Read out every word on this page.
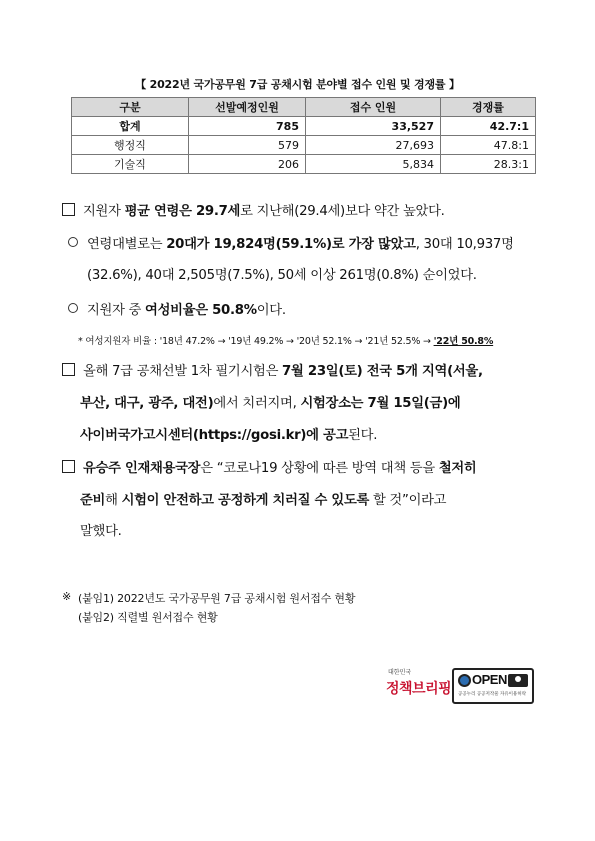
【 2022년 국가공무원 7급 공채시험 분야별 접수 인원 및 경쟁률 】
구분	선발예정인원	접수 인원	경쟁률
합계	785	33,527	42.7:1
행정직	579	27,693	47.8:1
기술직	206	5,834	28.3:1
지원자 평균 연령은 29.7세로 지난해(29.4세)보다 약간 높았다.
연령대별로는 20대가 19,824명(59.1%)로 가장 많았고, 30대 10,937명
(32.6%), 40대 2,505명(7.5%), 50세 이상 261명(0.8%) 순이었다.
지원자 중 여성비율은 50.8%이다.
* 여성지원자 비율 : '18년 47.2% → '19년 49.2% → '20년 52.1% → '21년 52.5% → '22년 50.8%
올해 7급 공채선발 1차 필기시험은 7월 23일(토) 전국 5개 지역(서울,
부산, 대구, 광주, 대전)에서 치러지며, 시험장소는 7월 15일(금)에
사이버국가고시센터(https://gosi.kr)에 공고된다.
유승주 인재채용국장은 “코로나19 상황에 따른 방역 대책 등을 철저히
준비해 시험이 안전하고 공정하게 치러질 수 있도록 할 것”이라고
말했다.
※ (붙임1) 2022년도 국가공무원 7급 공채시험 원서접수 현황
(붙임2) 직렬별 원서접수 현황
대한민국
정책브리핑
OPEN
공공누리 공공저작물 자유이용허락
